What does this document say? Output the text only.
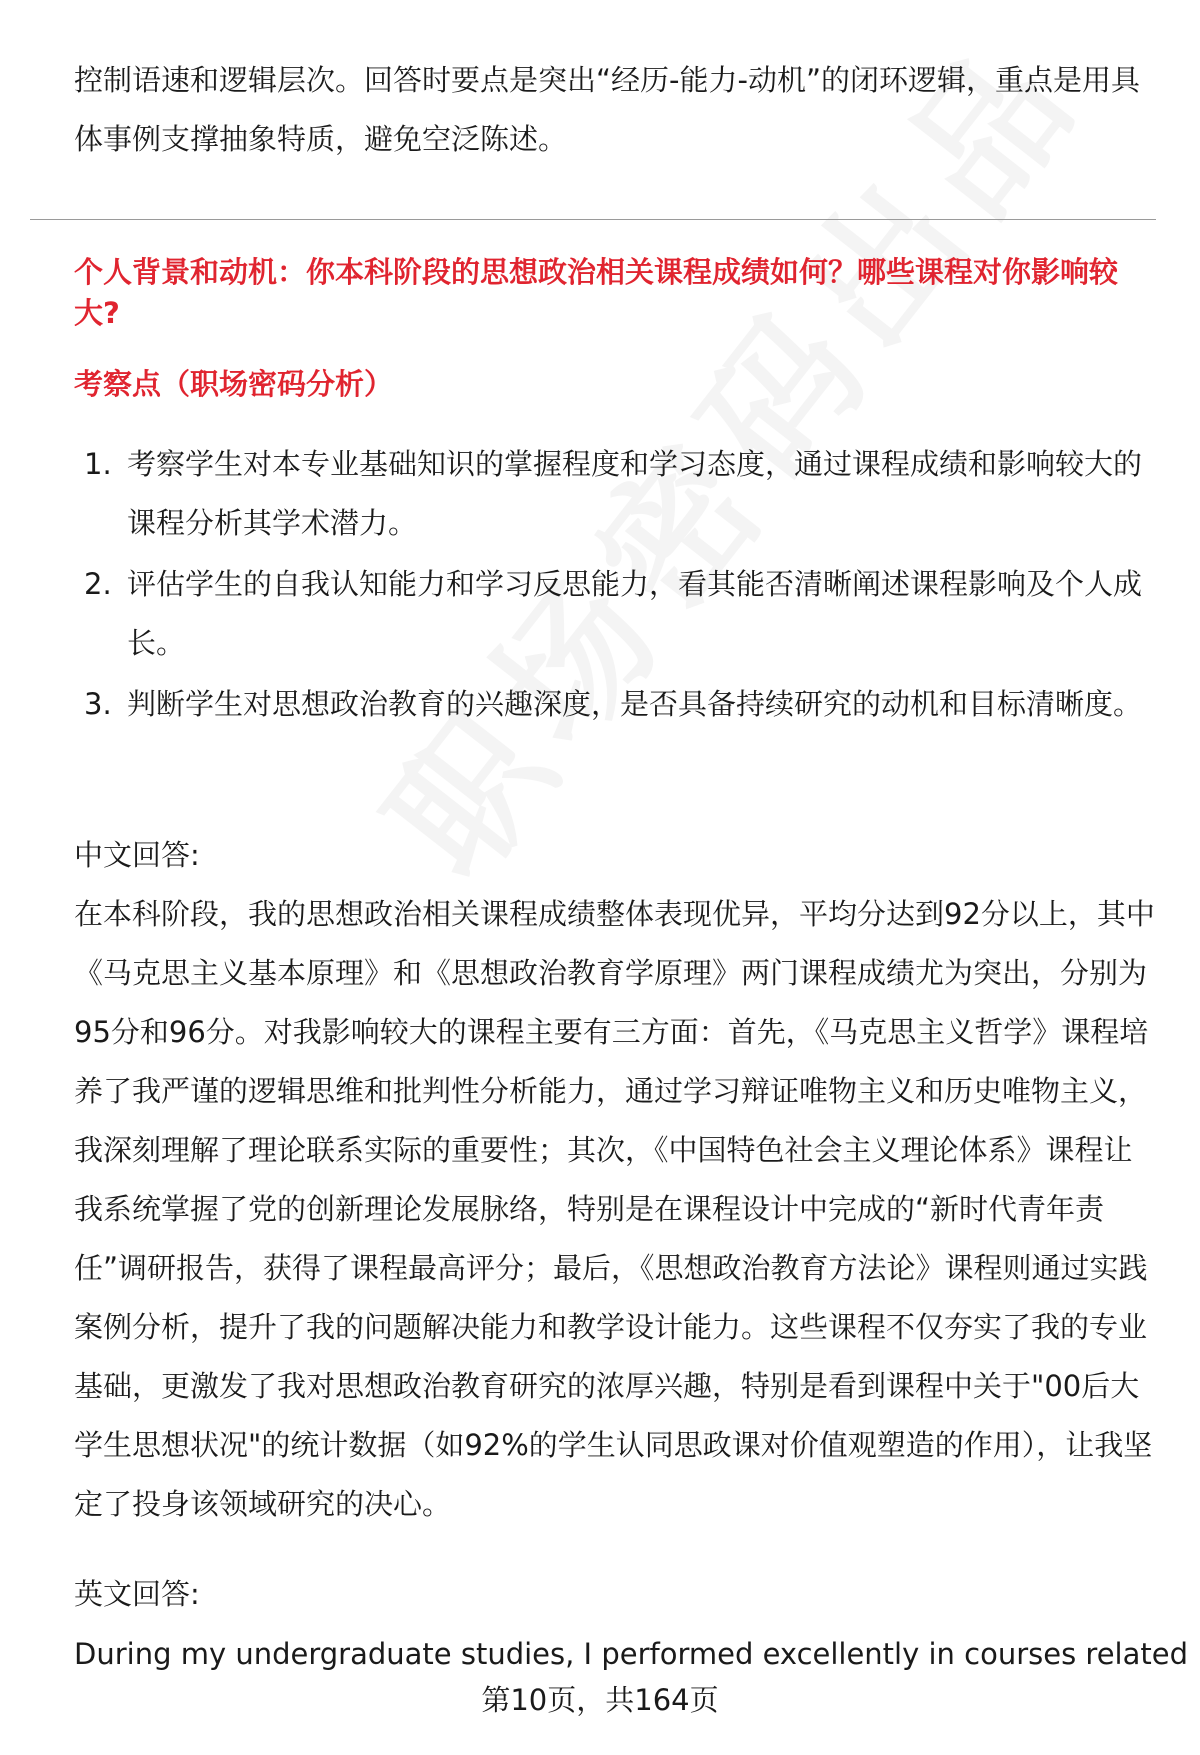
控制语速和逻辑层次。回答时要点是突出“经历-能力-动机”的闭环逻辑，重点是用具体事例支撑抽象特质，避免空泛陈述。

个人背景和动机：你本科阶段的思想政治相关课程成绩如何？哪些课程对你影响较大?
考察点（职场密码分析）
1. 考察学生对本专业基础知识的掌握程度和学习态度，通过课程成绩和影响较大的课程分析其学术潜力。
2. 评估学生的自我认知能力和学习反思能力，看其能否清晰阐述课程影响及个人成长。
3. 判断学生对思想政治教育的兴趣深度，是否具备持续研究的动机和目标清晰度。

中文回答:

在本科阶段，我的思想政治相关课程成绩整体表现优异，平均分达到92分以上，其中《马克思主义基本原理》和《思想政治教育学原理》两门课程成绩尤为突出，分别为95分和96分。对我影响较大的课程主要有三方面：首先，《马克思主义哲学》课程培养了我严谨的逻辑思维和批判性分析能力，通过学习辩证唯物主义和历史唯物主义，我深刻理解了理论联系实际的重要性；其次，《中国特色社会主义理论体系》课程让我系统掌握了党的创新理论发展脉络，特别是在课程设计中完成的“新时代青年责任”调研报告，获得了课程最高评分；最后，《思想政治教育方法论》课程则通过实践案例分析，提升了我的问题解决能力和教学设计能力。这些课程不仅夯实了我的专业基础，更激发了我对思想政治教育研究的浓厚兴趣，特别是看到课程中关于"00后大学生思想状况"的统计数据（如92%的学生认同思政课对价值观塑造的作用），让我坚定了投身该领域研究的决心。

英文回答:

During my undergraduate studies, I performed excellently in courses related

第10页，共164页
